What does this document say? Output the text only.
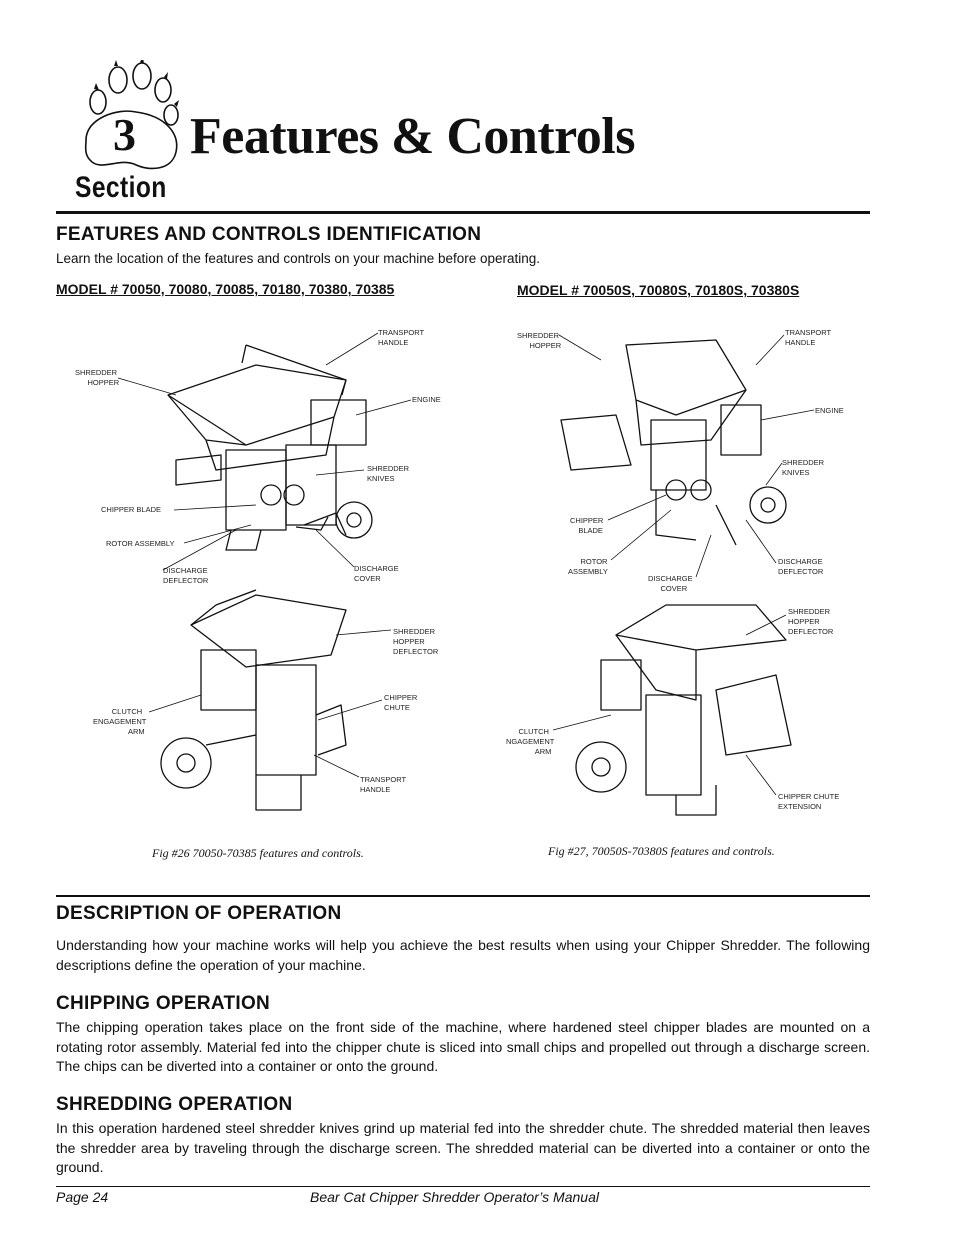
3 Features & Controls
Section
FEATURES AND CONTROLS IDENTIFICATION
Learn the location of the features and controls on your machine before operating.
MODEL # 70050, 70080, 70085, 70180, 70380, 70385	MODEL # 70050S, 70080S, 70180S, 70380S
TRANSPORT
HANDLE
SHREDDER
HOPPER
ENGINE
SHREDDER
KNIVES
CHIPPER BLADE
ROTOR ASSEMBLY
DISCHARGE
DEFLECTOR
DISCHARGE
COVER
SHREDDER
HOPPER
DEFLECTOR
CHIPPER
CHUTE
CLUTCH
ENGAGEMENT
ARM
TRANSPORT
HANDLE
SHREDDER
HOPPER
TRANSPORT
HANDLE
ENGINE
SHREDDER
KNIVES
CHIPPER
BLADE
ROTOR
ASSEMBLY
DISCHARGE
COVER
DISCHARGE
DEFLECTOR
SHREDDER
HOPPER
DEFLECTOR
CLUTCH
NGAGEMENT
ARM
CHIPPER CHUTE
EXTENSION
Fig #26 70050-70385 features and controls.	Fig #27, 70050S-70380S features and controls.
DESCRIPTION OF OPERATION
Understanding how your machine works will help you achieve the best results when using your Chipper Shredder. The following descriptions define the operation of your machine.
CHIPPING OPERATION
The chipping operation takes place on the front side of the machine, where hardened steel chipper blades are mounted on a rotating rotor assembly. Material fed into the chipper chute is sliced into small chips and propelled out through a discharge screen. The chips can be diverted into a container or onto the ground.
SHREDDING OPERATION
In this operation hardened steel shredder knives grind up material fed into the shredder chute. The shredded material then leaves the shredder area by traveling through the discharge screen. The shredded material can be diverted into a container or onto the ground.
Page 24	Bear Cat Chipper Shredder Operator’s Manual
